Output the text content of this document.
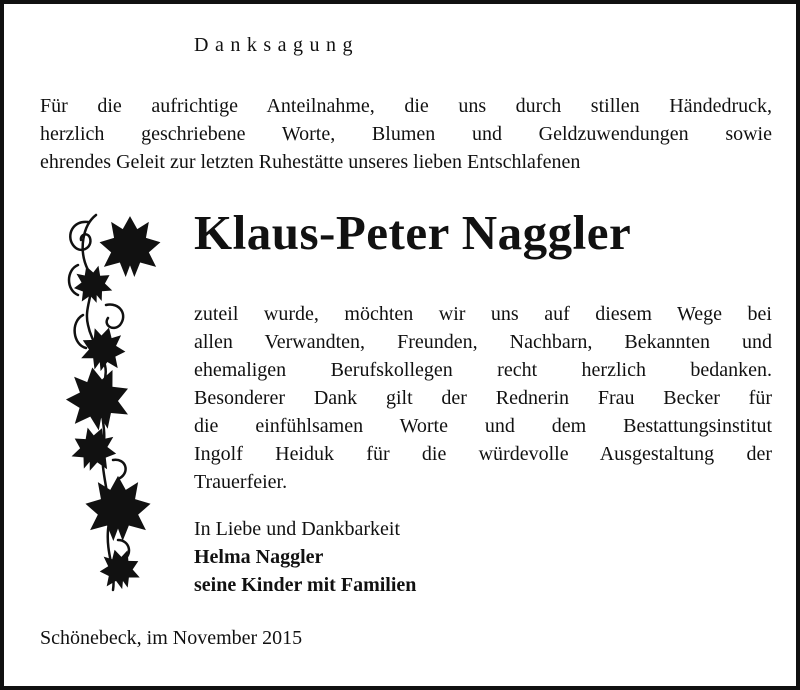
Danksagung
Für die aufrichtige Anteilnahme, die uns durch stillen Händedruck,
herzlich geschriebene Worte, Blumen und Geldzuwendungen sowie
ehrendes Geleit zur letzten Ruhestätte unseres lieben Entschlafenen
Klaus-Peter Naggler
zuteil wurde, möchten wir uns auf diesem Wege bei
allen Verwandten, Freunden, Nachbarn, Bekannten und
ehemaligen Berufskollegen recht herzlich bedanken.
Besonderer Dank gilt der Rednerin Frau Becker für
die einfühlsamen Worte und dem Bestattungsinstitut
Ingolf Heiduk für die würdevolle Ausgestaltung der
Trauerfeier.
In Liebe und Dankbarkeit
Helma Naggler
seine Kinder mit Familien
Schönebeck, im November 2015
